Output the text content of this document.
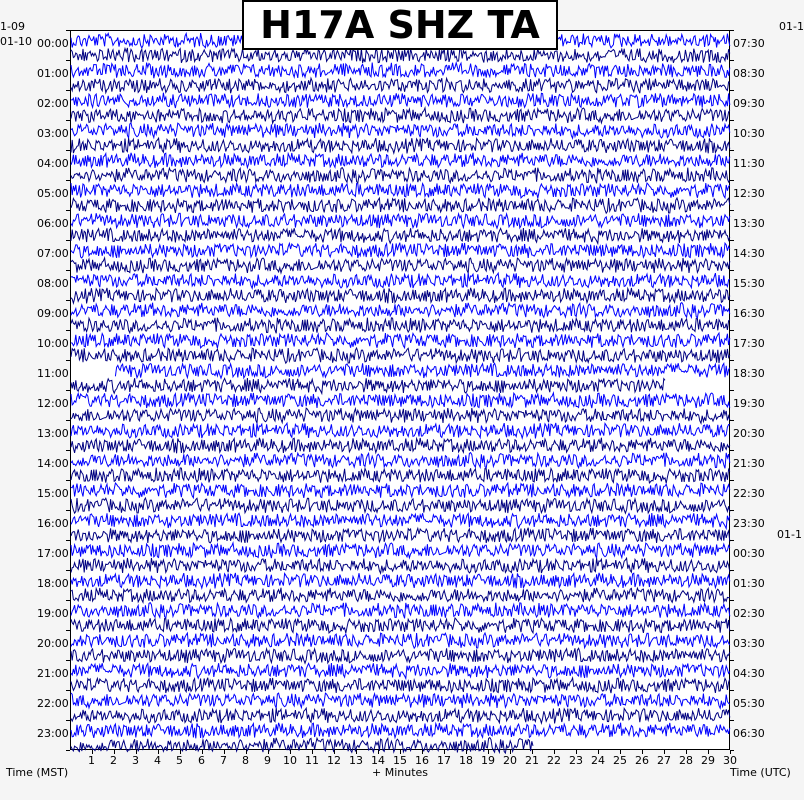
H17A SHZ TA
1-09
01-10
01-1
01-1
Time (MST)	+ Minutes	Time (UTC)
00:00
01:00
02:00
03:00
04:00
05:00
06:00
07:00
08:00
09:00
10:00
11:00
12:00
13:00
14:00
15:00
16:00
17:00
18:00
19:00
20:00
21:00
22:00
23:00
07:30
08:30
09:30
10:30
11:30
12:30
13:30
14:30
15:30
16:30
17:30
18:30
19:30
20:30
21:30
22:30
23:30
00:30
01:30
02:30
03:30
04:30
05:30
06:30
1 2 3 4 5 6 7 8 9 10 11 12 13 14 15 16 17 18 19 20 21 22 23 24 25 26 27 28 29 30
